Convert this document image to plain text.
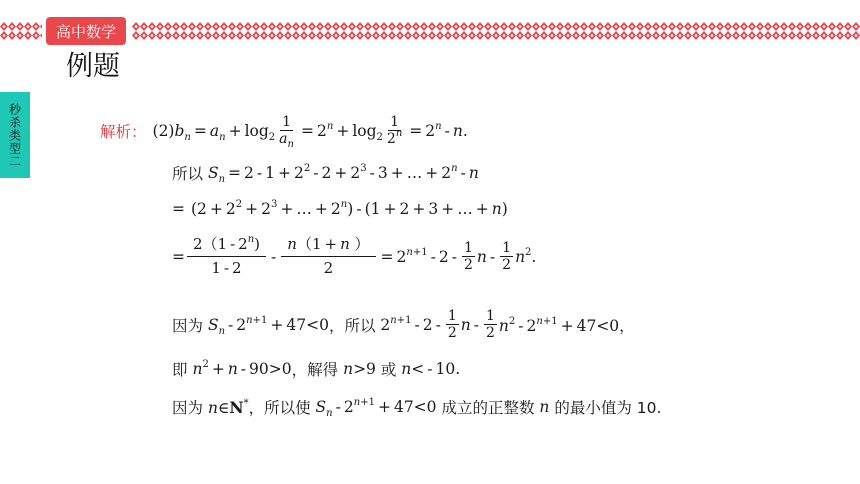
高中数学
例题
秒杀类型二	解析： $(2)b_n = a_n + \log_2 \frac{1}{a_n} = 2^n + \log_2 \frac{1}{2^n} = 2^n - n$.
所以 $S_n = 2 - 1 + 2^2 - 2 + 2^3 - 3$ + … + $2^n$ - n
= ($2 + 2^2 + 2^3$ + … + $2^n) - (1 + 2 + 3$ + … + n)
= $\frac{2(1 - 2^n)}{1 - 2} - \frac{n(1 + n )}{2} = 2^{n+1} - 2 - \frac{1}{2}$ n - $\frac{1}{2} n^2$.
因为 $S_n - 2^{n+1} + 47<0$ ，所以 $2^{n+1} - 2 - \frac{1}{2}$ $n - \frac{1}{2} n^2 - 2^{n+1} + 47<0$，
即 $n^2 + n - 90>0$ ，解得 n>9 或 n< - 10.
因为 n∈N* ，所以使 $S_n - 2^{n+1} + 47<0$ 成立的正整数 n 的最小值为 10.
